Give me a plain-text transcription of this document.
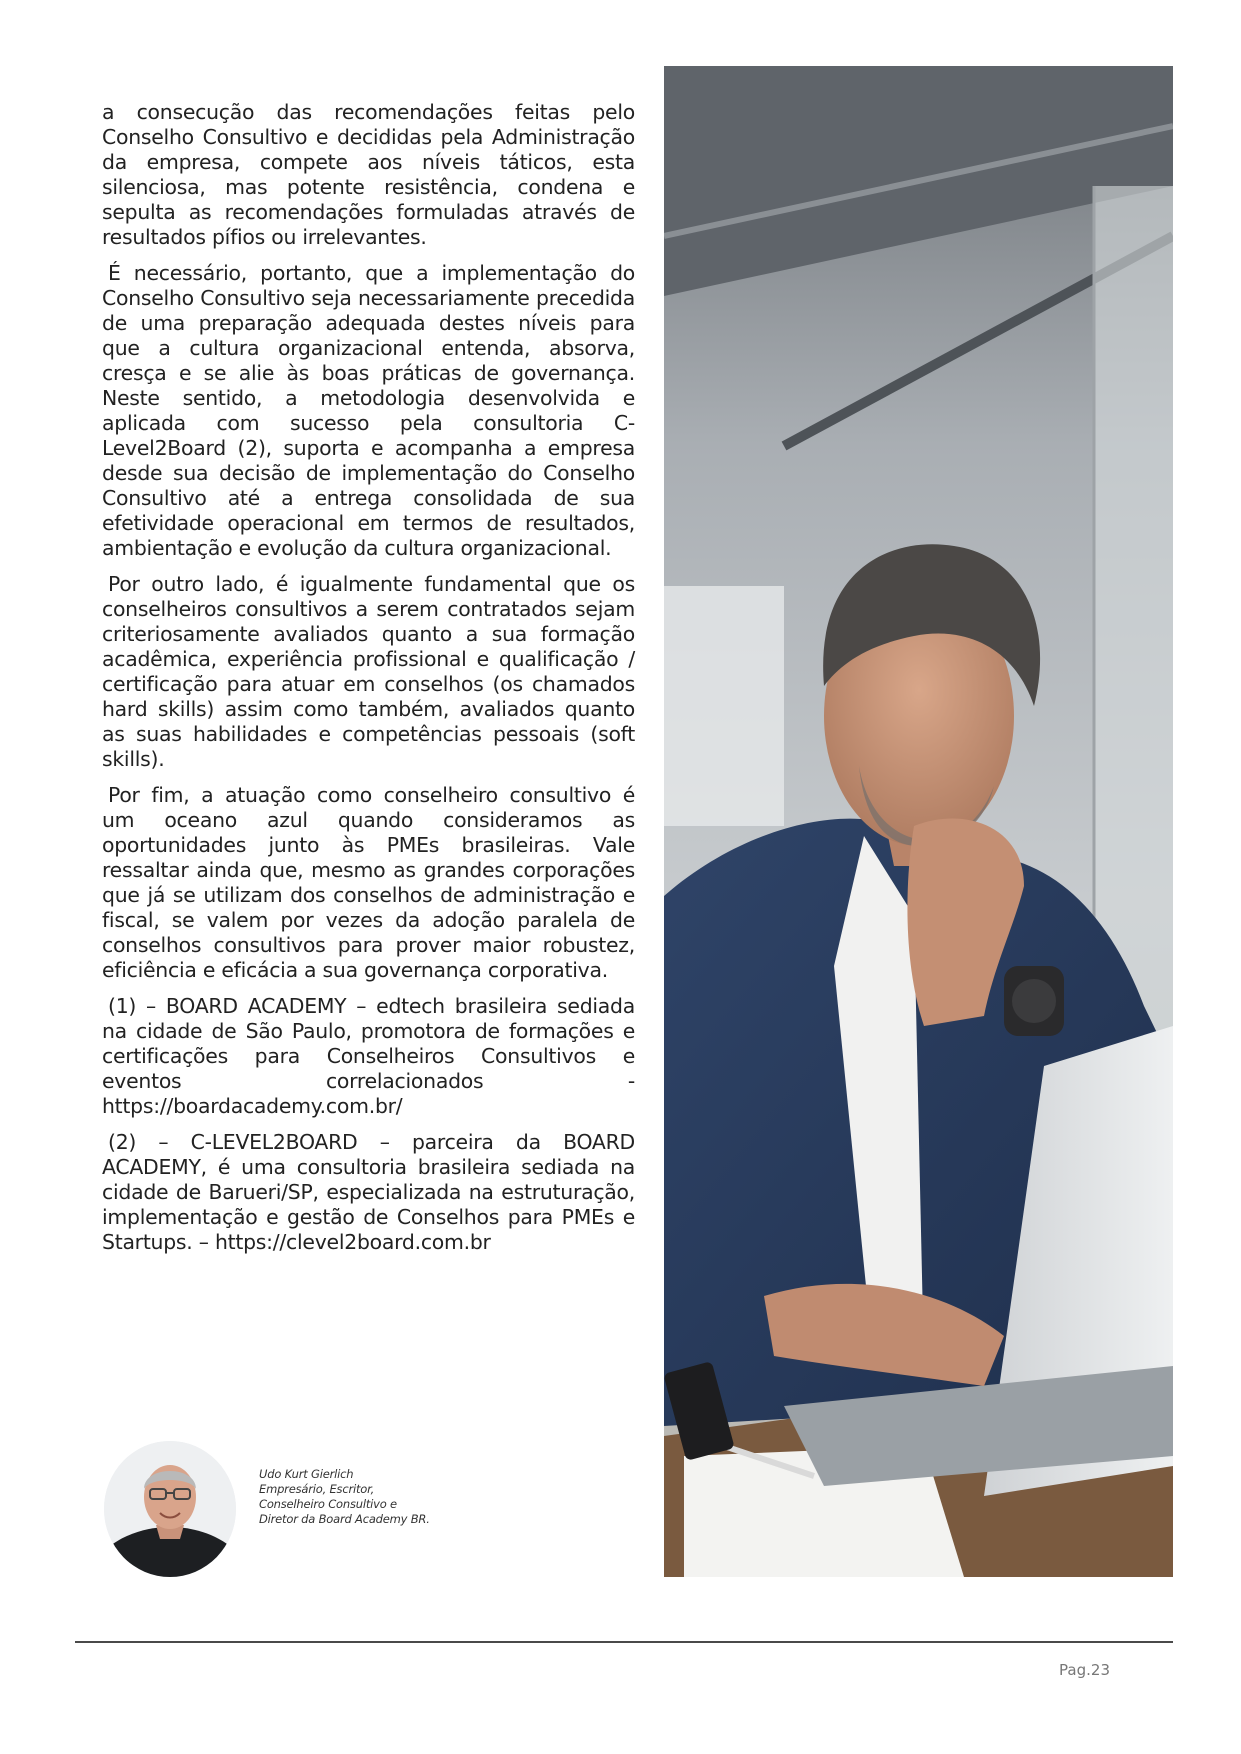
a consecução das recomendações feitas pelo Conselho Consultivo e decididas pela Administração da empresa, compete aos níveis táticos, esta silenciosa, mas potente resistência, condena e sepulta as recomendações formuladas através de resultados pífios ou irrelevantes.

É necessário, portanto, que a implementação do Conselho Consultivo seja necessariamente precedida de uma preparação adequada destes níveis para que a cultura organizacional entenda, absorva, cresça e se alie às boas práticas de governança. Neste sentido, a metodologia desenvolvida e aplicada com sucesso pela consultoria C-Level2Board (2), suporta e acompanha a empresa desde sua decisão de implementação do Conselho Consultivo até a entrega consolidada de sua efetividade operacional em termos de resultados, ambientação e evolução da cultura organizacional.

Por outro lado, é igualmente fundamental que os conselheiros consultivos a serem contratados sejam criteriosamente avaliados quanto a sua formação acadêmica, experiência profissional e qualificação / certificação para atuar em conselhos (os chamados hard skills) assim como também, avaliados quanto as suas habilidades e competências pessoais (soft skills).

Por fim, a atuação como conselheiro consultivo é um oceano azul quando consideramos as oportunidades junto às PMEs brasileiras. Vale ressaltar ainda que, mesmo as grandes corporações que já se utilizam dos conselhos de administração e fiscal, se valem por vezes da adoção paralela de conselhos consultivos para prover maior robustez, eficiência e eficácia a sua governança corporativa.

(1) – BOARD ACADEMY – edtech brasileira sediada na cidade de São Paulo, promotora de formações e certificações para Conselheiros Consultivos e eventos correlacionados - https://boardacademy.com.br/

(2) – C-LEVEL2BOARD – parceira da BOARD ACADEMY, é uma consultoria brasileira sediada na cidade de Barueri/SP, especializada na estruturação, implementação e gestão de Conselhos para PMEs e Startups. – https://clevel2board.com.br

Udo Kurt Gierlich
Empresário, Escritor,
Conselheiro Consultivo e
Diretor da Board Academy BR.
Pag.23
